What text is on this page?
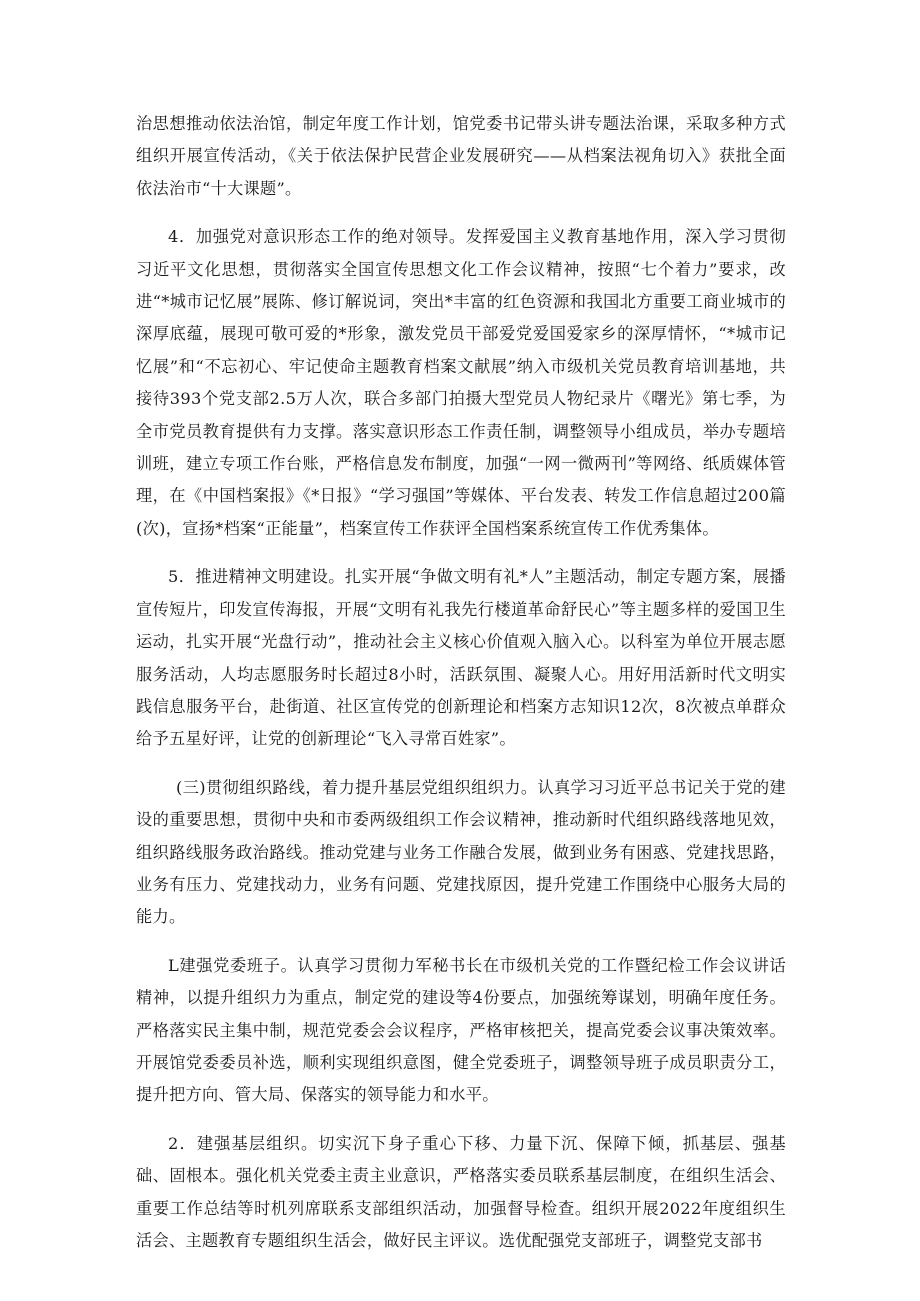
治思想推动依法治馆，制定年度工作计划，馆党委书记带头讲专题法治课，采取多种方式组织开展宣传活动，《关于依法保护民营企业发展研究——从档案法视角切入》获批全面依法治市“十大课题”。

4．加强党对意识形态工作的绝对领导。发挥爱国主义教育基地作用，深入学习贯彻习近平文化思想，贯彻落实全国宣传思想文化工作会议精神，按照“七个着力”要求，改进“*城市记忆展”展陈、修订解说词，突出*丰富的红色资源和我国北方重要工商业城市的深厚底蕴，展现可敬可爱的*形象，激发党员干部爱党爱国爱家乡的深厚情怀，“*城市记忆展”和“不忘初心、牢记使命主题教育档案文献展”纳入市级机关党员教育培训基地，共接待393个党支部2.5万人次，联合多部门拍摄大型党员人物纪录片《曙光》第七季，为全市党员教育提供有力支撑。落实意识形态工作责任制，调整领导小组成员，举办专题培训班，建立专项工作台账，严格信息发布制度，加强“一网一微两刊”等网络、纸质媒体管理，在《中国档案报》《*日报》“学习强国”等媒体、平台发表、转发工作信息超过200篇(次)，宣扬*档案“正能量”，档案宣传工作获评全国档案系统宣传工作优秀集体。

5．推进精神文明建设。扎实开展“争做文明有礼*人”主题活动，制定专题方案，展播宣传短片，印发宣传海报，开展“文明有礼我先行楼道革命舒民心”等主题多样的爱国卫生运动，扎实开展“光盘行动”，推动社会主义核心价值观入脑入心。以科室为单位开展志愿服务活动，人均志愿服务时长超过8小时，活跃氛围、凝聚人心。用好用活新时代文明实践信息服务平台，赴街道、社区宣传党的创新理论和档案方志知识12次，8次被点单群众给予五星好评，让党的创新理论“飞入寻常百姓家”。

(三)贯彻组织路线，着力提升基层党组织组织力。认真学习习近平总书记关于党的建设的重要思想，贯彻中央和市委两级组织工作会议精神，推动新时代组织路线落地见效，组织路线服务政治路线。推动党建与业务工作融合发展，做到业务有困惑、党建找思路，业务有压力、党建找动力，业务有问题、党建找原因，提升党建工作围绕中心服务大局的能力。

L建强党委班子。认真学习贯彻力军秘书长在市级机关党的工作暨纪检工作会议讲话精神，以提升组织力为重点，制定党的建设等4份要点，加强统筹谋划，明确年度任务。严格落实民主集中制，规范党委会会议程序，严格审核把关，提高党委会议事决策效率。开展馆党委委员补选，顺利实现组织意图，健全党委班子，调整领导班子成员职责分工，提升把方向、管大局、保落实的领导能力和水平。

2．建强基层组织。切实沉下身子重心下移、力量下沉、保障下倾，抓基层、强基础、固根本。强化机关党委主责主业意识，严格落实委员联系基层制度，在组织生活会、重要工作总结等时机列席联系支部组织活动，加强督导检查。组织开展2022年度组织生活会、主题教育专题组织生活会，做好民主评议。选优配强党支部班子，调整党支部书
